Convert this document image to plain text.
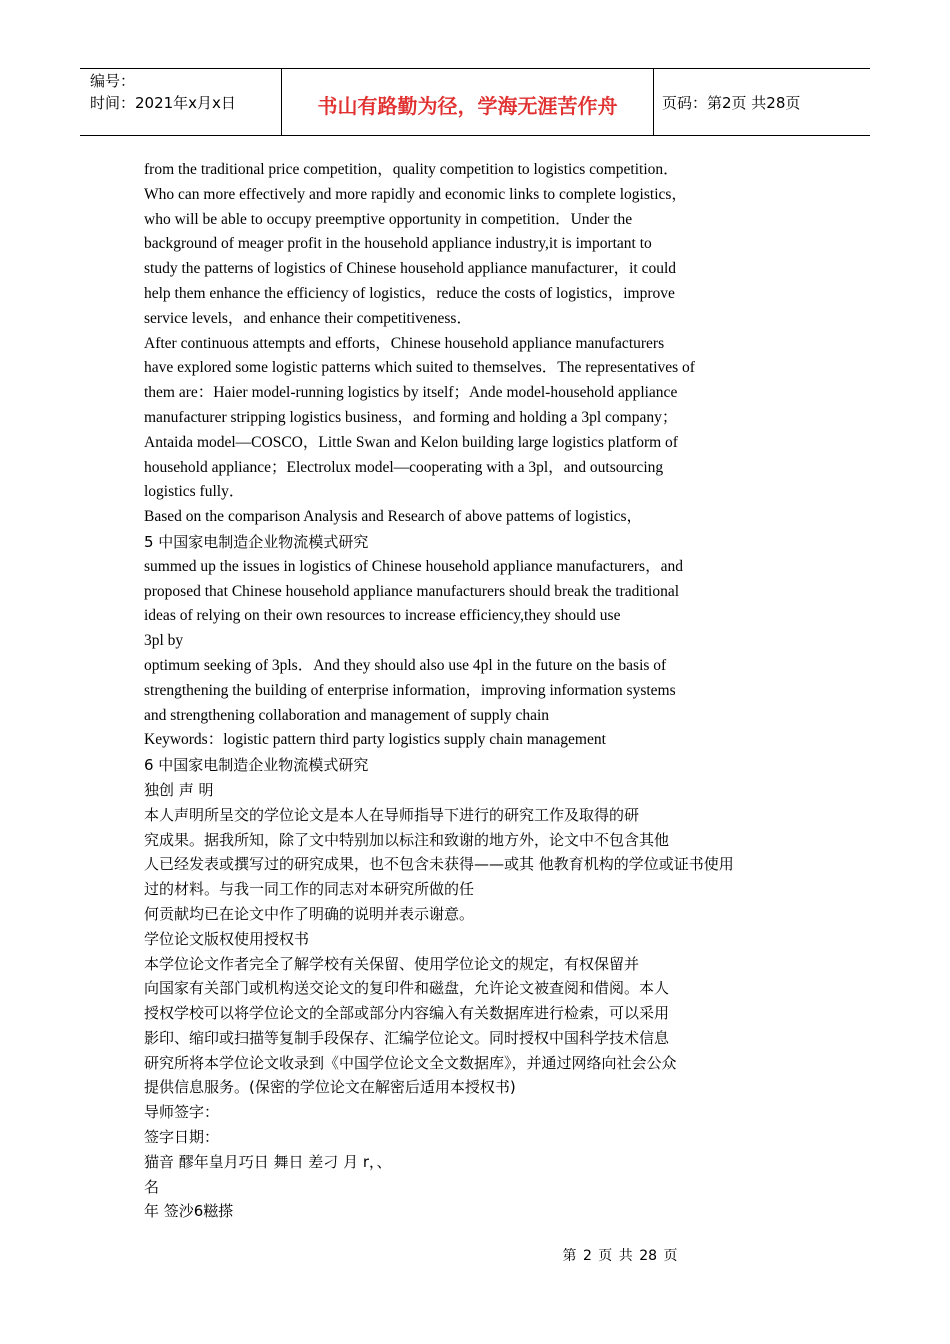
编号：
时间：2021年x月x日	书山有路勤为径，学海无涯苦作舟	页码：第2页 共28页

from the traditional price competition，quality competition to logistics competition．

Who can more effectively and more rapidly and economic links to complete logistics，

who will be able to occupy preemptive opportunity in competition．Under the

background of meager profit in the household appliance industry,it is important to

study the patterns of logistics of Chinese household appliance manufacturer，it could

help them enhance the efficiency of logistics，reduce the costs of logistics，improve

service levels，and enhance their competitiveness．

After continuous attempts and efforts，Chinese household appliance manufacturers

have explored some logistic patterns which suited to themselves．The representatives of

them are：Haier model-running logistics by itself；Ande model-household appliance

manufacturer stripping logistics business，and forming and holding a 3pl company；

Antaida model—COSCO，Little Swan and Kelon building large logistics platform of

household appliance；Electrolux model—cooperating with a 3pl，and outsourcing

logistics fully．

Based on the comparison Analysis and Research of above pattems of logistics，

5 中国家电制造企业物流模式研究

summed up the issues in logistics of Chinese household appliance manufacturers，and

proposed that Chinese household appliance manufacturers should break the traditional

ideas of relying on their own resources to increase efficiency,they should use

3pl by

optimum seeking of 3pls．And they should also use 4pl in the future on the basis of

strengthening the building of enterprise information，improving information systems

and strengthening collaboration and management of supply chain

Keywords：logistic pattern third party logistics supply chain management

6 中国家电制造企业物流模式研究

独创 声 明

本人声明所呈交的学位论文是本人在导师指导下进行的研究工作及取得的研

究成果。据我所知，除了文中特别加以标注和致谢的地方外，论文中不包含其他

人已经发表或撰写过的研究成果，也不包含未获得——或其 他教育机构的学位或证书使用

过的材料。与我一同工作的同志对本研究所做的任

何贡献均已在论文中作了明确的说明并表示谢意。

学位论文版权使用授权书

本学位论文作者完全了解学校有关保留、使用学位论文的规定，有权保留并

向国家有关部门或机构送交论文的复印件和磁盘，允许论文被查阅和借阅。本人

授权学校可以将学位论文的全部或部分内容编入有关数据库进行检索，可以采用

影印、缩印或扫描等复制手段保存、汇编学位论文。同时授权中国科学技术信息

研究所将本学位论文收录到《中国学位论文全文数据库》，并通过网络向社会公众

提供信息服务。(保密的学位论文在解密后适用本授权书)

导师签字：

签字日期：

猫音 醪年皇月巧日 舞日 差刁 月 r，、

名

年 签沙6糍搽

第 2 页 共 28 页
